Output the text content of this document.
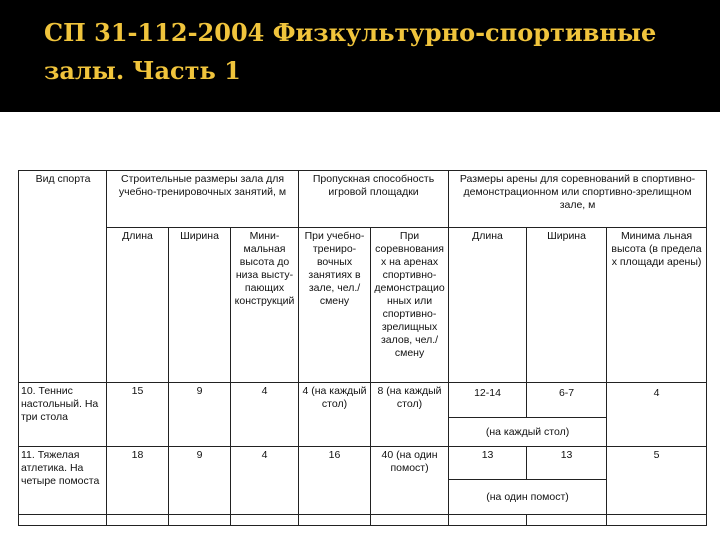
СП 31-112-2004 Физкультурно-спортивные залы. Часть 1
Вид спорта	Строительные размеры зала для учебно-тренировочных занятий, м			Пропускная способность игровой площадки		Размеры арены для соревнований в спортивно-демонстрационном или спортивно-зрелищном зале, м		
	Длина	Ширина	Мини-мальная высота до низа высту-пающих конструкций	При учебно-трениро-вочных занятиях в зале, чел./смену	При соревнования х на аренах спортивно-демонстрацио нных или спортивно-зрелищных залов, чел./смену	Длина	Ширина	Минима льная высота (в предела х площади арены)
10. Теннис настольный. На три стола	15	9	4	4 (на каждый стол)	8 (на каждый стол)	12-14	6-7	4
						(на каждый стол)		
11. Тяжелая атлетика. На четыре помоста	18	9	4	16	40 (на один помост)	13	13	5
						(на один помост)		
